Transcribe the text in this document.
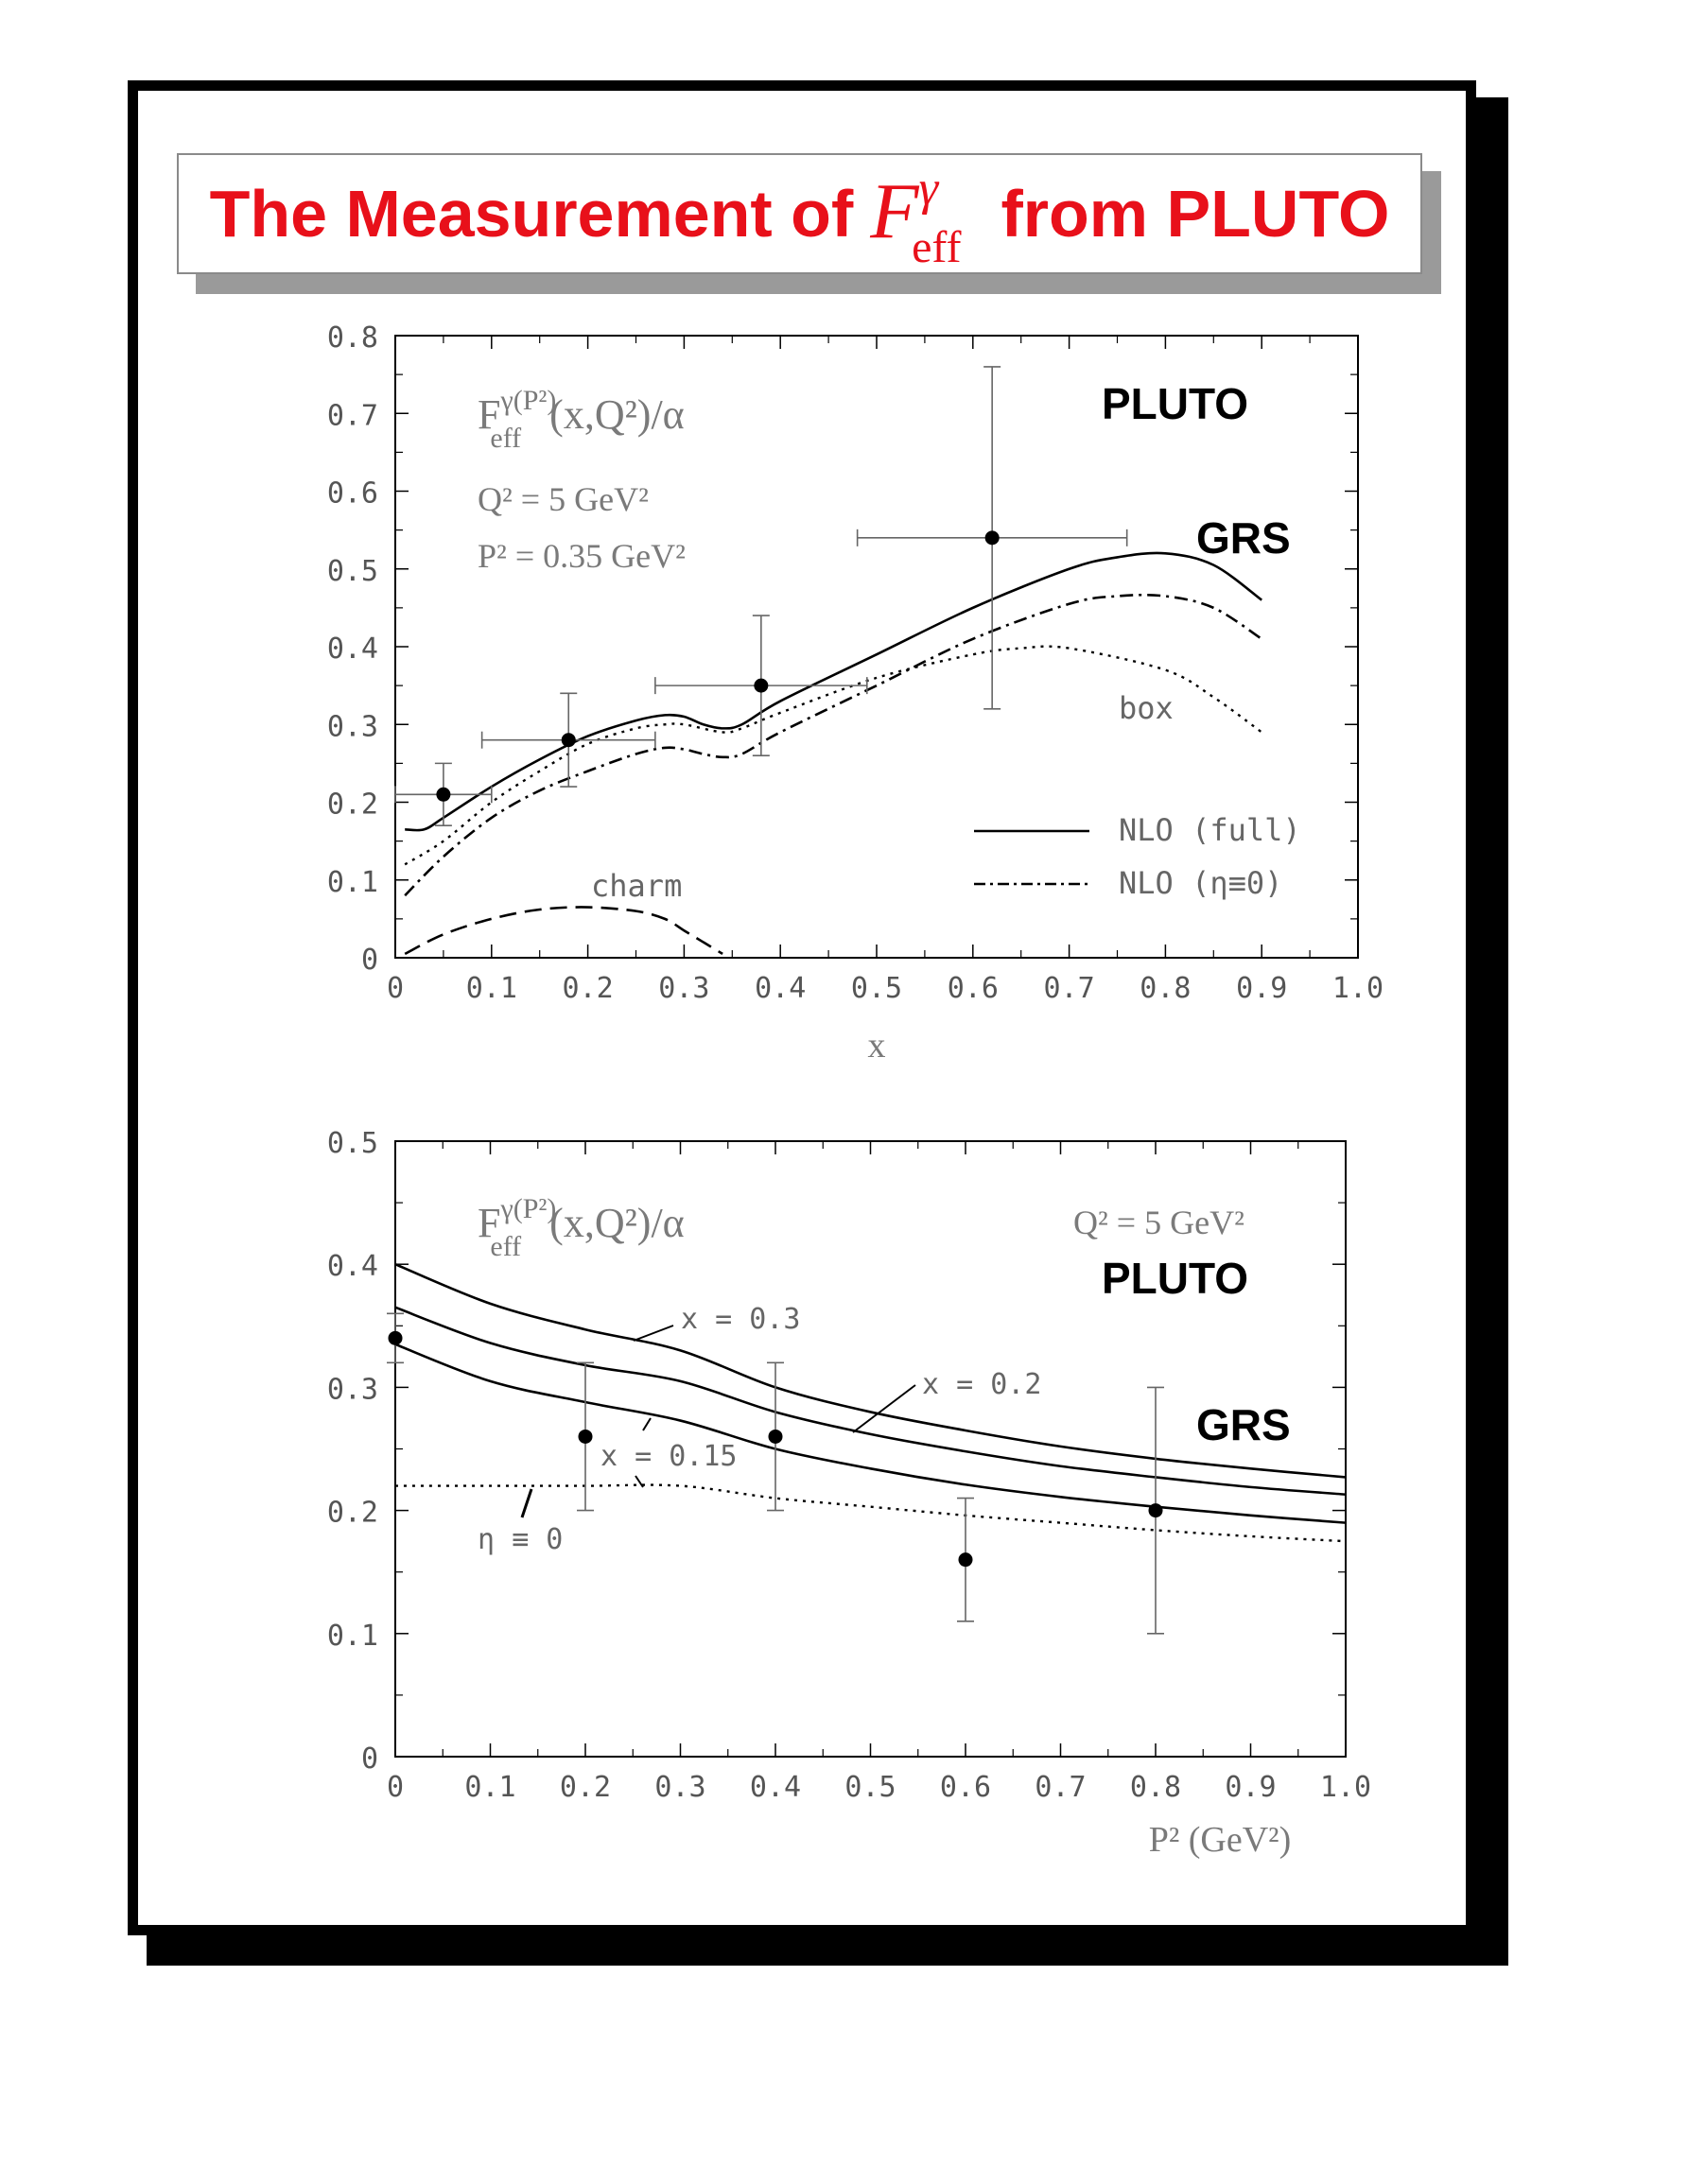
The Measurement of $F^\gamma_{eff}$ from PLUTO
0 0.1 0.2 0.3 0.4 0.5 0.6 0.7 0.8 0.9 1.0
0
0.1
0.2
0.3
0.4
0.5
0.6
0.7
0.8
x
$F^{\gamma(P^2)}$ eff(x,Q²)/α
Q² = 5 GeV²
P² = 0.35 GeV²
PLUTO
GRS
box
charm
NLO (full)
NLO (η≡0)
0 0.1 0.2 0.3 0.4 0.5 0.6 0.7 0.8 0.9 1.0
0
0.1
0.2
0.3
0.4
0.5
P² (GeV²)
$F^{\gamma(P^2)}$ eff(x,Q²)/α	Q² = 5 GeV²
PLUTO
GRS
x = 0.3
x = 0.2
x = 0.15
η ≡ 0
